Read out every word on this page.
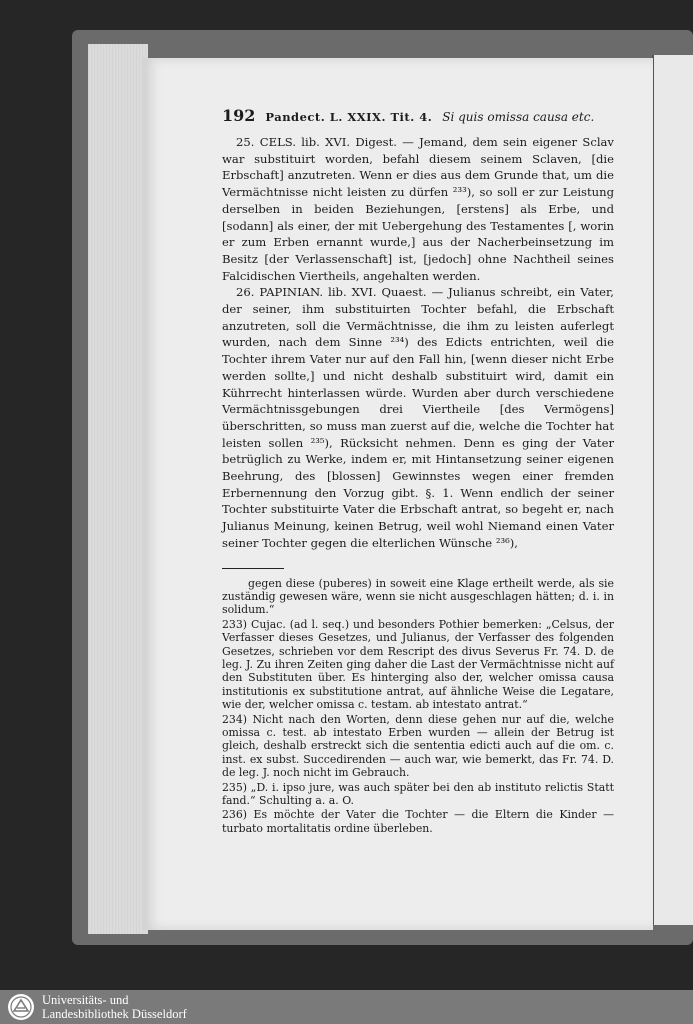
192 Pandect. L. XXIX. Tit. 4. Si quis omissa causa etc.

25. CELS. lib. XVI. Digest. — Jemand, dem sein eigener Sclav war substituirt worden, befahl diesem seinem Sclaven, [die Erbschaft] anzutreten. Wenn er dies aus dem Grunde that, um die Vermächtnisse nicht leisten zu dürfen ²³³), so soll er zur Leistung derselben in beiden Beziehungen, [erstens] als Erbe, und [sodann] als einer, der mit Uebergehung des Testamentes [, worin er zum Erben ernannt wurde,] aus der Nacherbeinsetzung im Besitz [der Verlassenschaft] ist, [jedoch] ohne Nachtheil seines Falcidischen Viertheils, angehalten werden.

26. PAPINIAN. lib. XVI. Quaest. — Julianus schreibt, ein Vater, der seiner, ihm substituirten Tochter befahl, die Erbschaft anzutreten, soll die Vermächtnisse, die ihm zu leisten auferlegt wurden, nach dem Sinne ²³⁴) des Edicts entrichten, weil die Tochter ihrem Vater nur auf den Fall hin, [wenn dieser nicht Erbe werden sollte,] und nicht deshalb substituirt wird, damit ein Kührrecht hinterlassen würde. Wurden aber durch verschiedene Vermächtnissgebungen drei Viertheile [des Vermögens] überschritten, so muss man zuerst auf die, welche die Tochter hat leisten sollen ²³⁵), Rücksicht nehmen. Denn es ging der Vater betrüglich zu Werke, indem er, mit Hintansetzung seiner eigenen Beehrung, des [blossen] Gewinnstes wegen einer fremden Erbernennung den Vorzug gibt. §. 1. Wenn endlich der seiner Tochter substituirte Vater die Erbschaft antrat, so begeht er, nach Julianus Meinung, keinen Betrug, weil wohl Niemand einen Vater seiner Tochter gegen die elterlichen Wünsche ²³⁶),

gegen diese (puberes) in soweit eine Klage ertheilt werde, als sie zuständig gewesen wäre, wenn sie nicht ausgeschlagen hätten; d. i. in solidum.“

233) Cujac. (ad l. seq.) und besonders Pothier bemerken: „Celsus, der Verfasser dieses Gesetzes, und Julianus, der Verfasser des folgenden Gesetzes, schrieben vor dem Rescript des divus Severus Fr. 74. D. de leg. J. Zu ihren Zeiten ging daher die Last der Vermächtnisse nicht auf den Substituten über. Es hinterging also der, welcher omissa causa institutionis ex substitutione antrat, auf ähnliche Weise die Legatare, wie der, welcher omissa c. testam. ab intestato antrat.“

234) Nicht nach den Worten, denn diese gehen nur auf die, welche omissa c. test. ab intestato Erben wurden — allein der Betrug ist gleich, deshalb erstreckt sich die sententia edicti auch auf die om. c. inst. ex subst. Succedirenden — auch war, wie bemerkt, das Fr. 74. D. de leg. J. noch nicht im Gebrauch.

235) „D. i. ipso jure, was auch später bei den ab instituto relictis Statt fand.“ Schulting a. a. O.

236) Es möchte der Vater die Tochter — die Eltern die Kinder — turbato mortalitatis ordine überleben.

Universitäts- und
Landesbibliothek Düsseldorf
